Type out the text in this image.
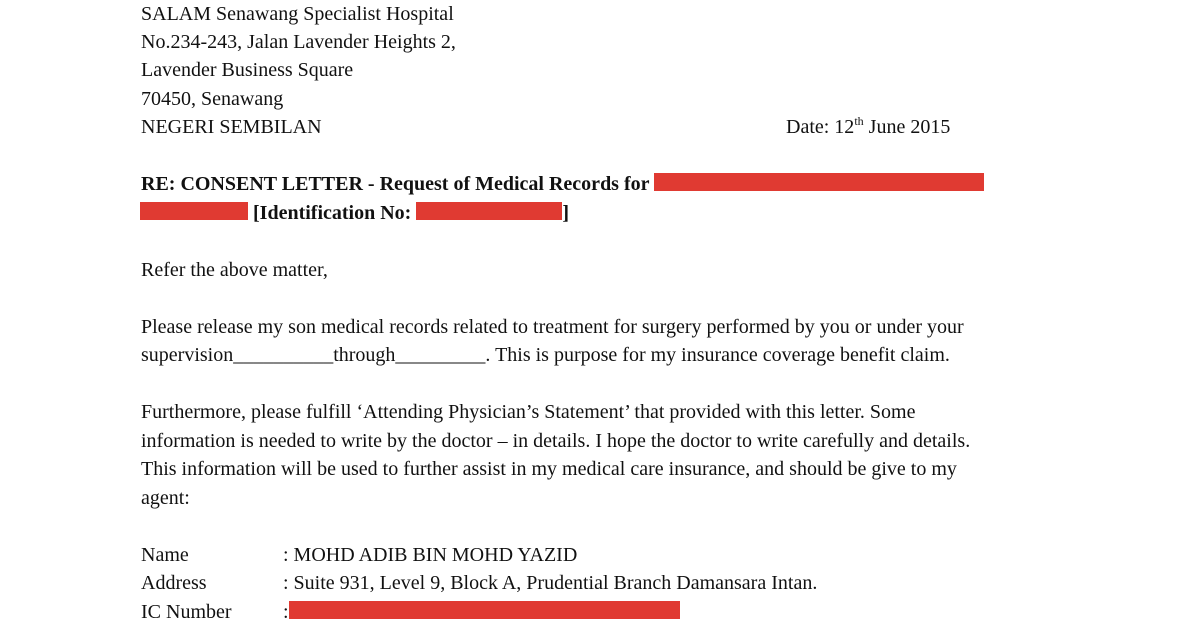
SALAM Senawang Specialist Hospital
No.234-243, Jalan Lavender Heights 2,
Lavender Business Square
70450, Senawang
NEGERI SEMBILAN	Date: 12th June 2015
RE: CONSENT LETTER - Request of Medical Records for
[Identification No:	]
Refer the above matter,
Please release my son medical records related to treatment for surgery performed by you or under your
supervision__________through_________. This is purpose for my insurance coverage benefit claim.
Furthermore, please fulfill ‘Attending Physician’s Statement’ that provided with this letter. Some
information is needed to write by the doctor – in details. I hope the doctor to write carefully and details.
This information will be used to further assist in my medical care insurance, and should be give to my
agent:
Name	: MOHD ADIB BIN MOHD YAZID
Address	: Suite 931, Level 9, Block A, Prudential Branch Damansara Intan.
IC Number	:
